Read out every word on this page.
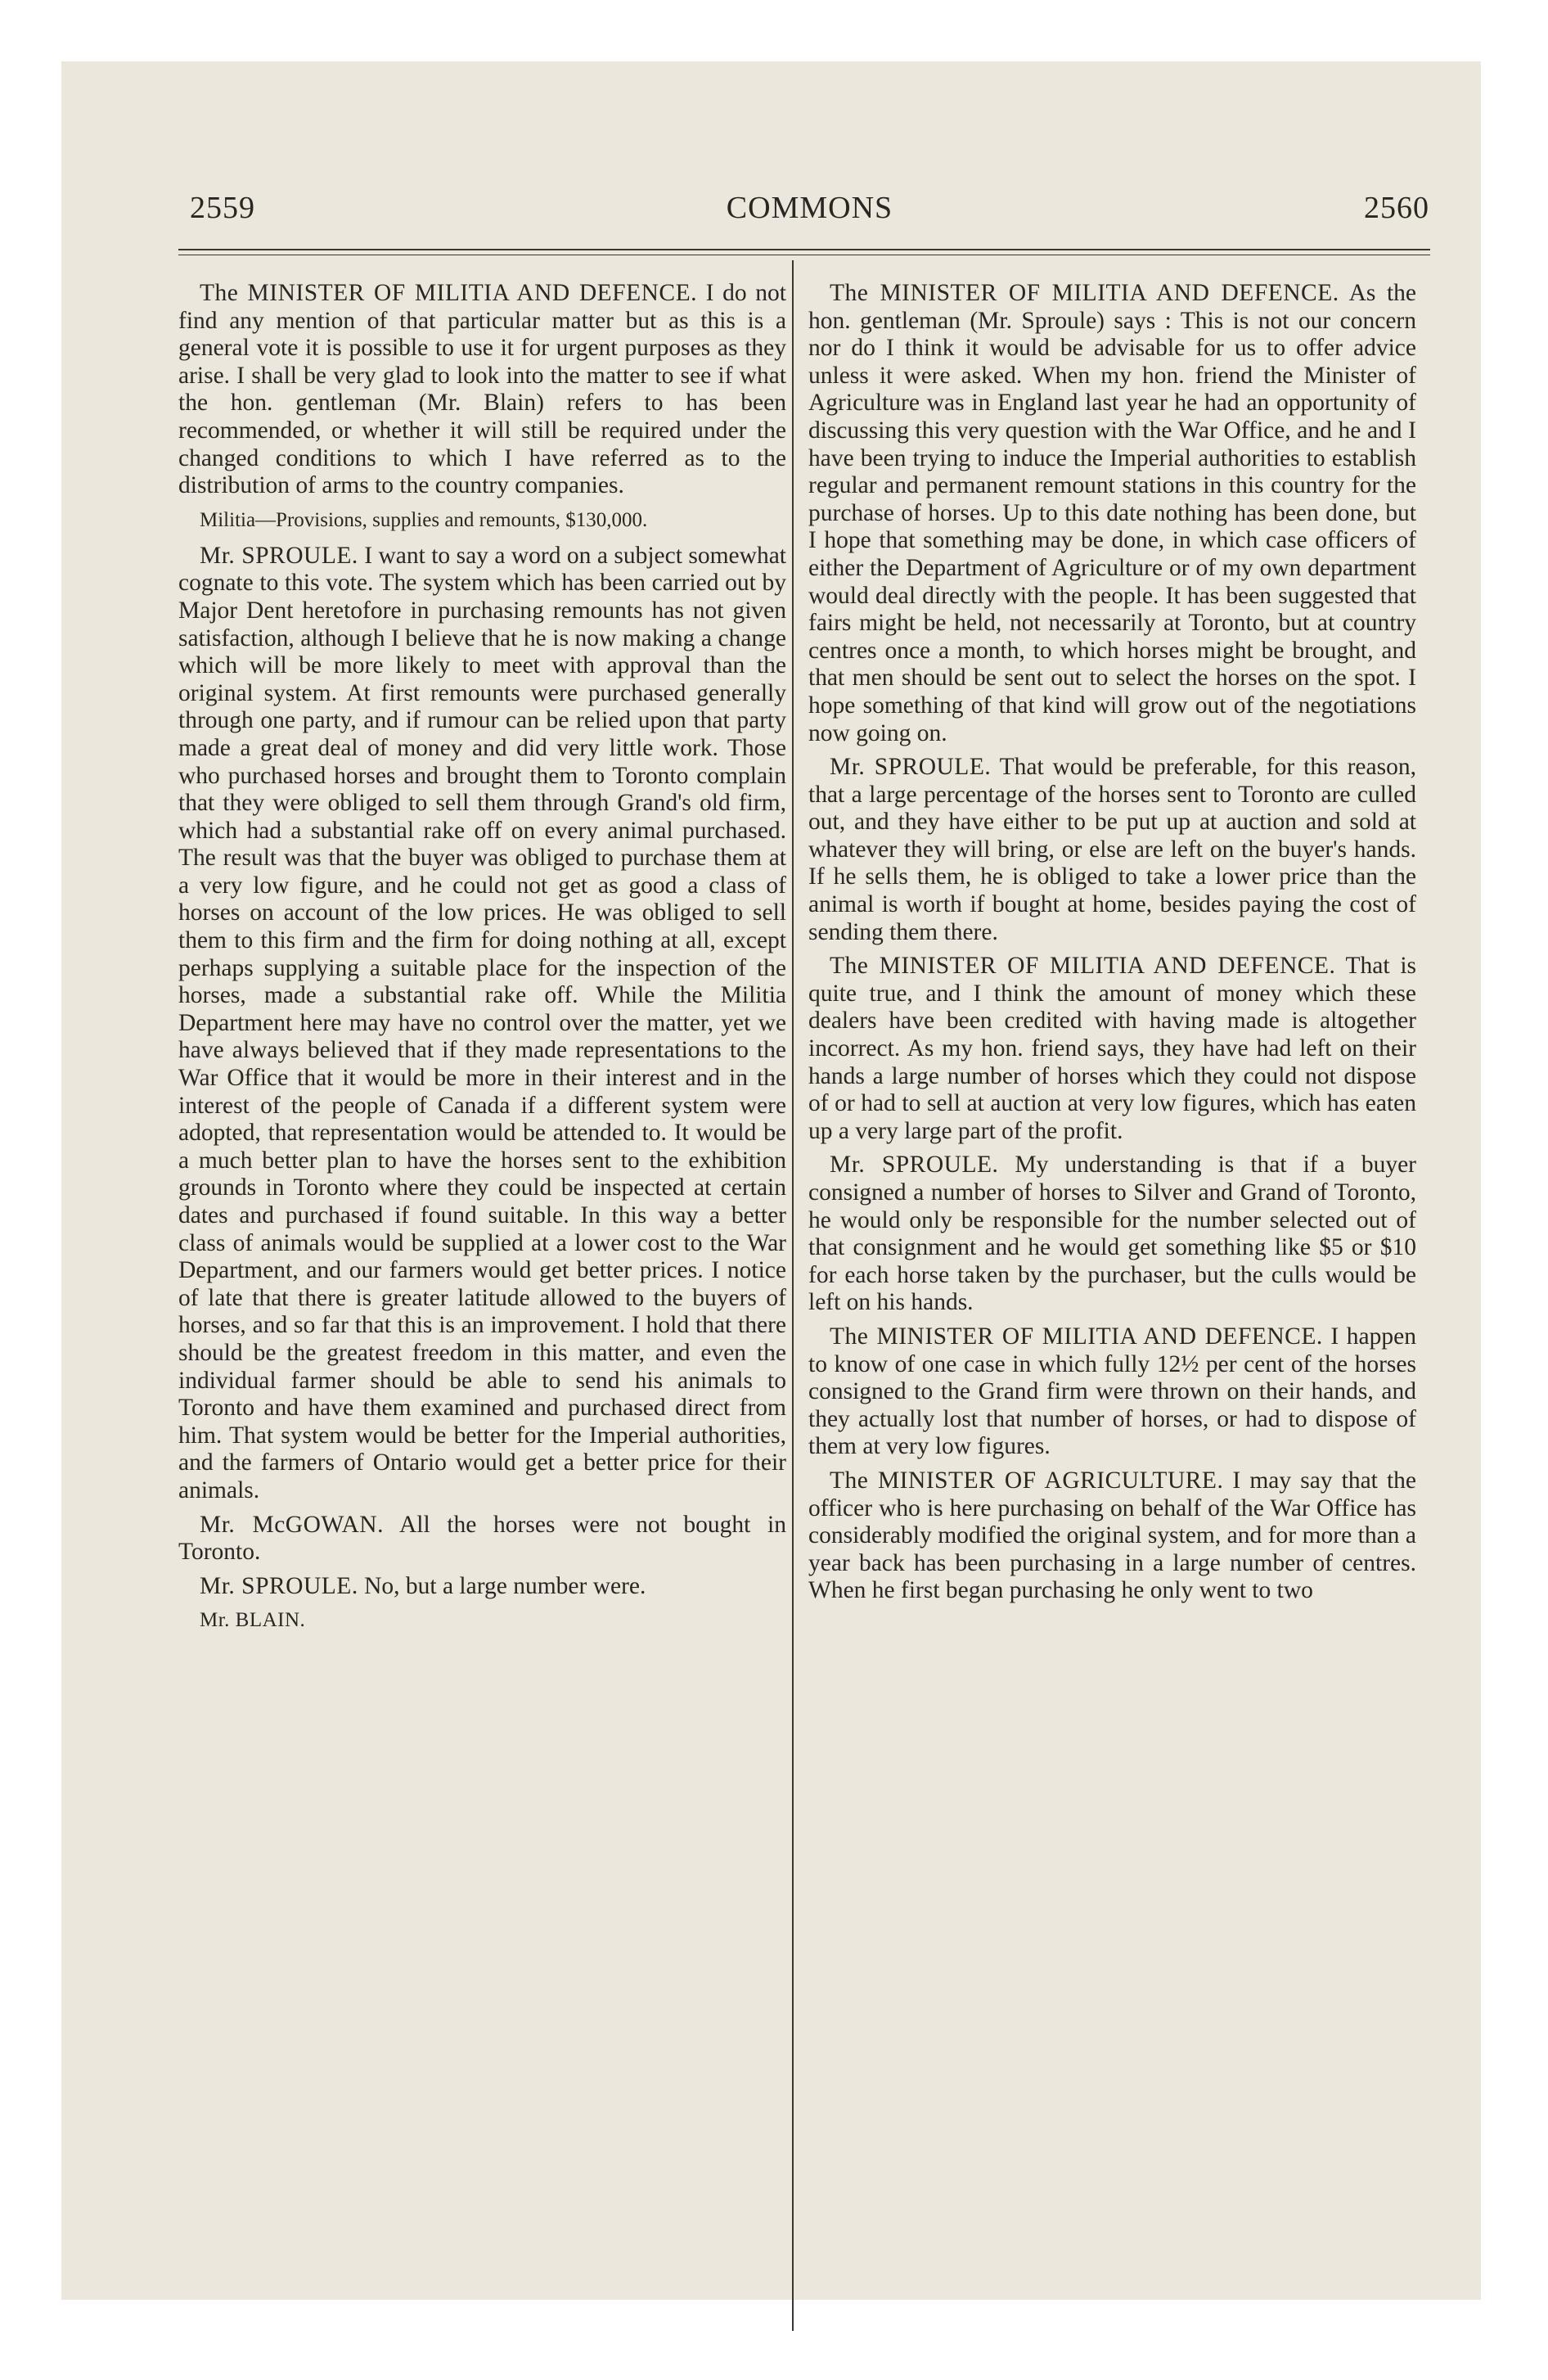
2559	COMMONS	2560

The MINISTER OF MILITIA AND DEFENCE. I do not find any mention of that particular matter but as this is a general vote it is possible to use it for urgent purposes as they arise. I shall be very glad to look into the matter to see if what the hon. gentleman (Mr. Blain) refers to has been recommended, or whether it will still be required under the changed conditions to which I have referred as to the distribution of arms to the country companies.

Militia—Provisions, supplies and remounts, $130,000.

Mr. SPROULE. I want to say a word on a subject somewhat cognate to this vote. The system which has been carried out by Major Dent heretofore in purchasing remounts has not given satisfaction, although I believe that he is now making a change which will be more likely to meet with approval than the original system. At first remounts were purchased generally through one party, and if rumour can be relied upon that party made a great deal of money and did very little work. Those who purchased horses and brought them to Toronto complain that they were obliged to sell them through Grand's old firm, which had a substantial rake off on every animal purchased. The result was that the buyer was obliged to purchase them at a very low figure, and he could not get as good a class of horses on account of the low prices. He was obliged to sell them to this firm and the firm for doing nothing at all, except perhaps supplying a suitable place for the inspection of the horses, made a substantial rake off. While the Militia Department here may have no control over the matter, yet we have always believed that if they made representations to the War Office that it would be more in their interest and in the interest of the people of Canada if a different system were adopted, that representation would be attended to. It would be a much better plan to have the horses sent to the exhibition grounds in Toronto where they could be inspected at certain dates and purchased if found suitable. In this way a better class of animals would be supplied at a lower cost to the War Department, and our farmers would get better prices. I notice of late that there is greater latitude allowed to the buyers of horses, and so far that this is an improvement. I hold that there should be the greatest freedom in this matter, and even the individual farmer should be able to send his animals to Toronto and have them examined and purchased direct from him. That system would be better for the Imperial authorities, and the farmers of Ontario would get a better price for their animals.

Mr. McGOWAN. All the horses were not bought in Toronto.

Mr. SPROULE. No, but a large number were.

Mr. BLAIN.

The MINISTER OF MILITIA AND DEFENCE. As the hon. gentleman (Mr. Sproule) says : This is not our concern nor do I think it would be advisable for us to offer advice unless it were asked. When my hon. friend the Minister of Agriculture was in England last year he had an opportunity of discussing this very question with the War Office, and he and I have been trying to induce the Imperial authorities to establish regular and permanent remount stations in this country for the purchase of horses. Up to this date nothing has been done, but I hope that something may be done, in which case officers of either the Department of Agriculture or of my own department would deal directly with the people. It has been suggested that fairs might be held, not necessarily at Toronto, but at country centres once a month, to which horses might be brought, and that men should be sent out to select the horses on the spot. I hope something of that kind will grow out of the negotiations now going on.

Mr. SPROULE. That would be preferable, for this reason, that a large percentage of the horses sent to Toronto are culled out, and they have either to be put up at auction and sold at whatever they will bring, or else are left on the buyer's hands. If he sells them, he is obliged to take a lower price than the animal is worth if bought at home, besides paying the cost of sending them there.

The MINISTER OF MILITIA AND DEFENCE. That is quite true, and I think the amount of money which these dealers have been credited with having made is altogether incorrect. As my hon. friend says, they have had left on their hands a large number of horses which they could not dispose of or had to sell at auction at very low figures, which has eaten up a very large part of the profit.

Mr. SPROULE. My understanding is that if a buyer consigned a number of horses to Silver and Grand of Toronto, he would only be responsible for the number selected out of that consignment and he would get something like $5 or $10 for each horse taken by the purchaser, but the culls would be left on his hands.

The MINISTER OF MILITIA AND DEFENCE. I happen to know of one case in which fully 12½ per cent of the horses consigned to the Grand firm were thrown on their hands, and they actually lost that number of horses, or had to dispose of them at very low figures.

The MINISTER OF AGRICULTURE. I may say that the officer who is here purchasing on behalf of the War Office has considerably modified the original system, and for more than a year back has been purchasing in a large number of centres. When he first began purchasing he only went to two
